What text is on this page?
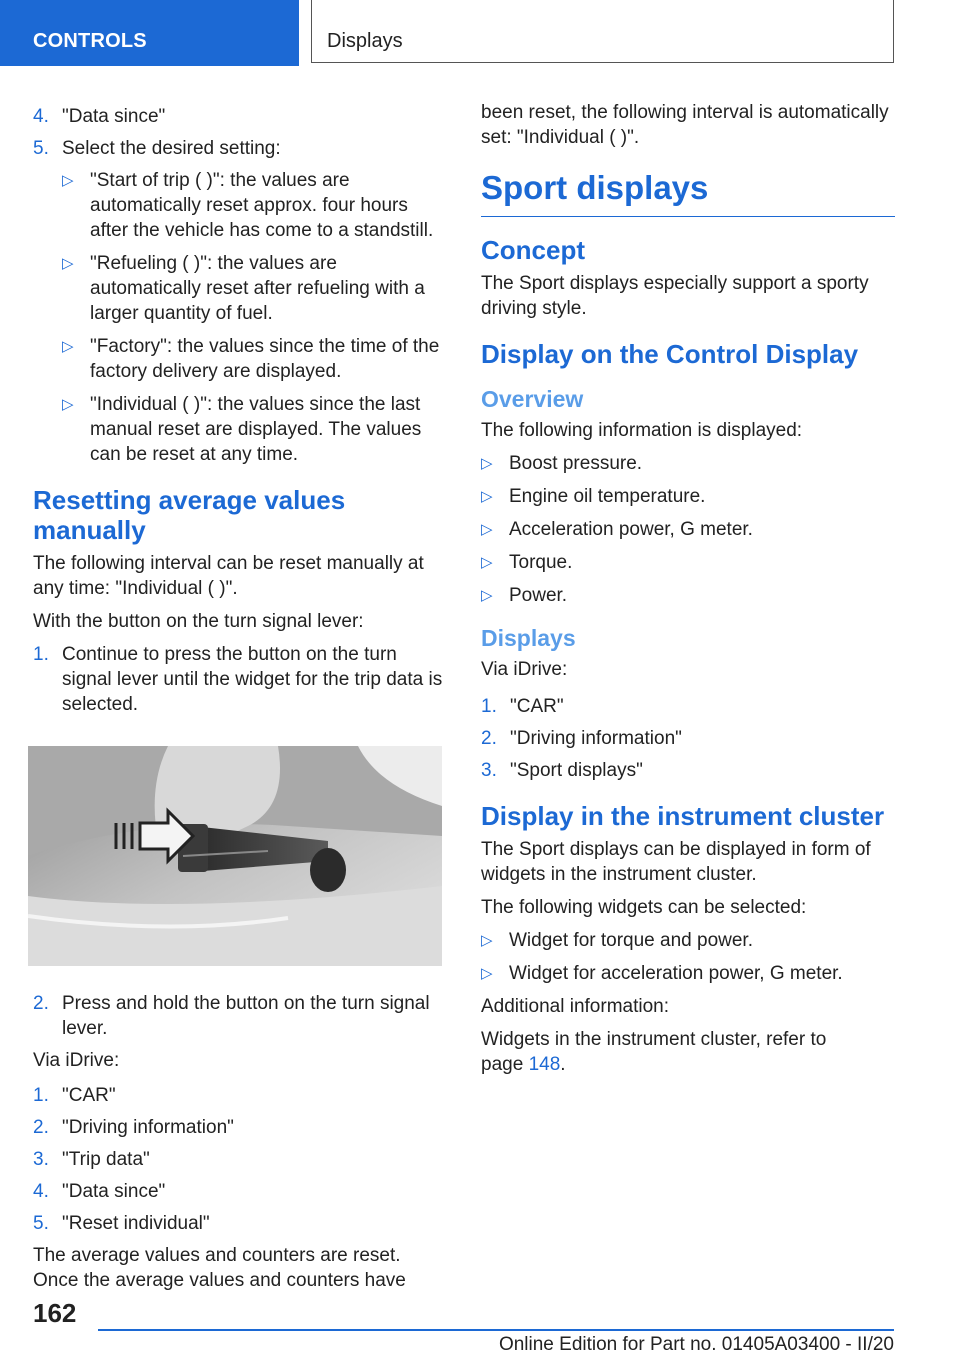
CONTROLS	Displays
4. "Data since"
5. Select the desired setting:
▷ "Start of trip ( )": the values are automatically reset approx. four hours after the vehicle has come to a standstill.
▷ "Refueling ( )": the values are automatically reset after refueling with a larger quantity of fuel.
▷ "Factory": the values since the time of the factory delivery are displayed.
▷ "Individual ( )": the values since the last manual reset are displayed. The values can be reset at any time.
Resetting average values manually

The following interval can be reset manually at any time: "Individual ( )".

With the button on the turn signal lever:

1. Continue to press the button on the turn signal lever until the widget for the trip data is selected.
2. Press and hold the button on the turn signal lever.

Via iDrive:

1. "CAR"
2. "Driving information"
3. "Trip data"
4. "Data since"
5. "Reset individual"

The average values and counters are reset. Once the average values and counters have

been reset, the following interval is automatically set: "Individual ( )".

Sport displays
Concept

The Sport displays especially support a sporty driving style.

Display on the Control Display
Overview

The following information is displayed:

▷ Boost pressure.
▷ Engine oil temperature.
▷ Acceleration power, G meter.
▷ Torque.
▷ Power.
Displays

Via iDrive:

1. "CAR"
2. "Driving information"
3. "Sport displays"
Display in the instrument cluster

The Sport displays can be displayed in form of widgets in the instrument cluster.

The following widgets can be selected:

▷ Widget for torque and power.
▷ Widget for acceleration power, G meter.

Additional information:

Widgets in the instrument cluster, refer to
page 148.

162
Online Edition for Part no. 01405A03400 - II/20
